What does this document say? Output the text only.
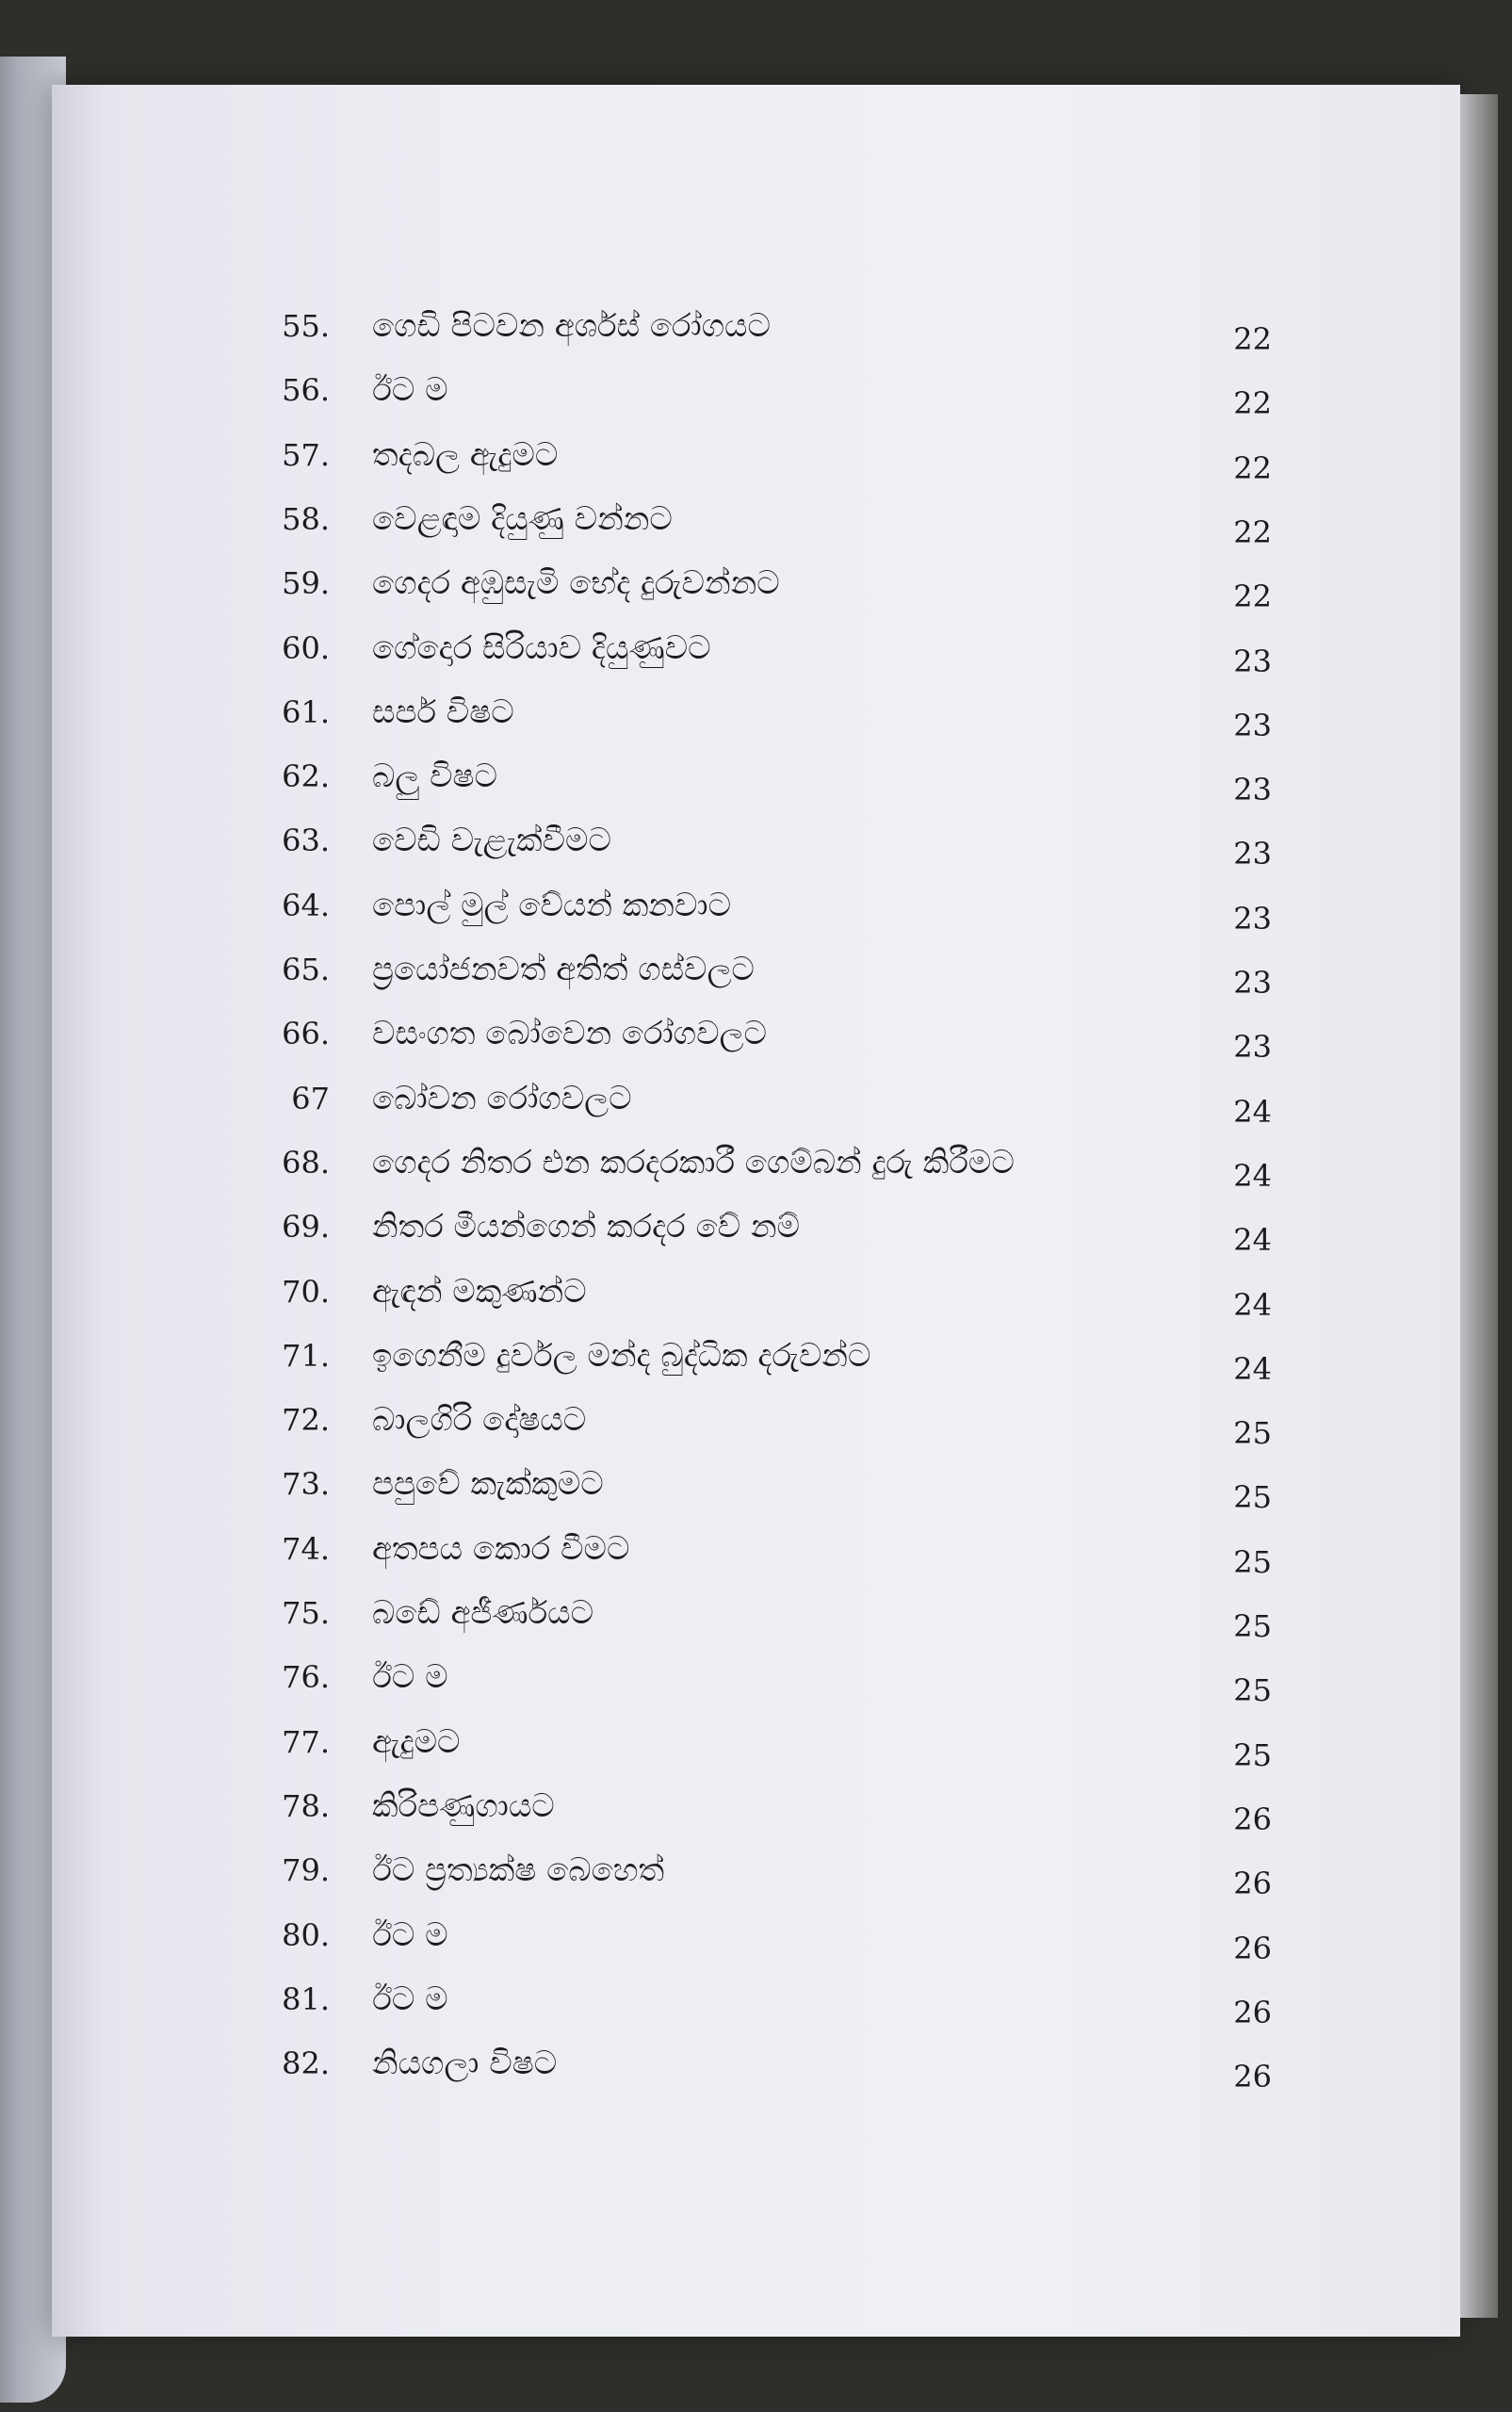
55. ගෙඩි පිටවන අර්ශස් රෝගයට	22
56. ඊට ම	22
57. තදබල ඇදුමට	22
58. වෙළඳාම දියුණු වන්නට	22
59. ගෙදර අඹුසැමි භේද දුරුවන්නට	22
60. ගේදොර සිරියාව දියුණුවට	23
61. සර්ප විෂට	23
62. බලු විෂට	23
63. වෙඩි වැළැක්වීමට	23
64. පොල් මුල් වේයන් කනවාට	23
65. ප්‍රයෝජනවත් අතිත් ගස්වලට	23
66. වසංගත බෝවෙන රෝගවලට	23
67 බෝවන රෝගවලට	24
68. ගෙදර නිතර එන කරදරකාරී ගෙම්බන් දුරු කිරීමට	24
69. නිතර මීයන්ගෙන් කරදර වේ නම්	24
70. ඇඳන් මකුණන්ට	24
71. ඉගෙනීම දුර්වල මන්ද බුද්ධික දරුවන්ට	24
72. බාලගිරි දෝෂයට	25
73. පපුවේ කැක්කුමට	25
74. අතපය කොර වීමට	25
75. බඩේ අජීර්ණයට	25
76. ඊට ම	25
77. ඇදුමට	25
78. කිරිපණුගායට	26
79. ඊට ප්‍රත්‍යක්ෂ බෙහෙත්	26
80. ඊට ම	26
81. ඊට ම	26
82. නියගලා විෂට	26
